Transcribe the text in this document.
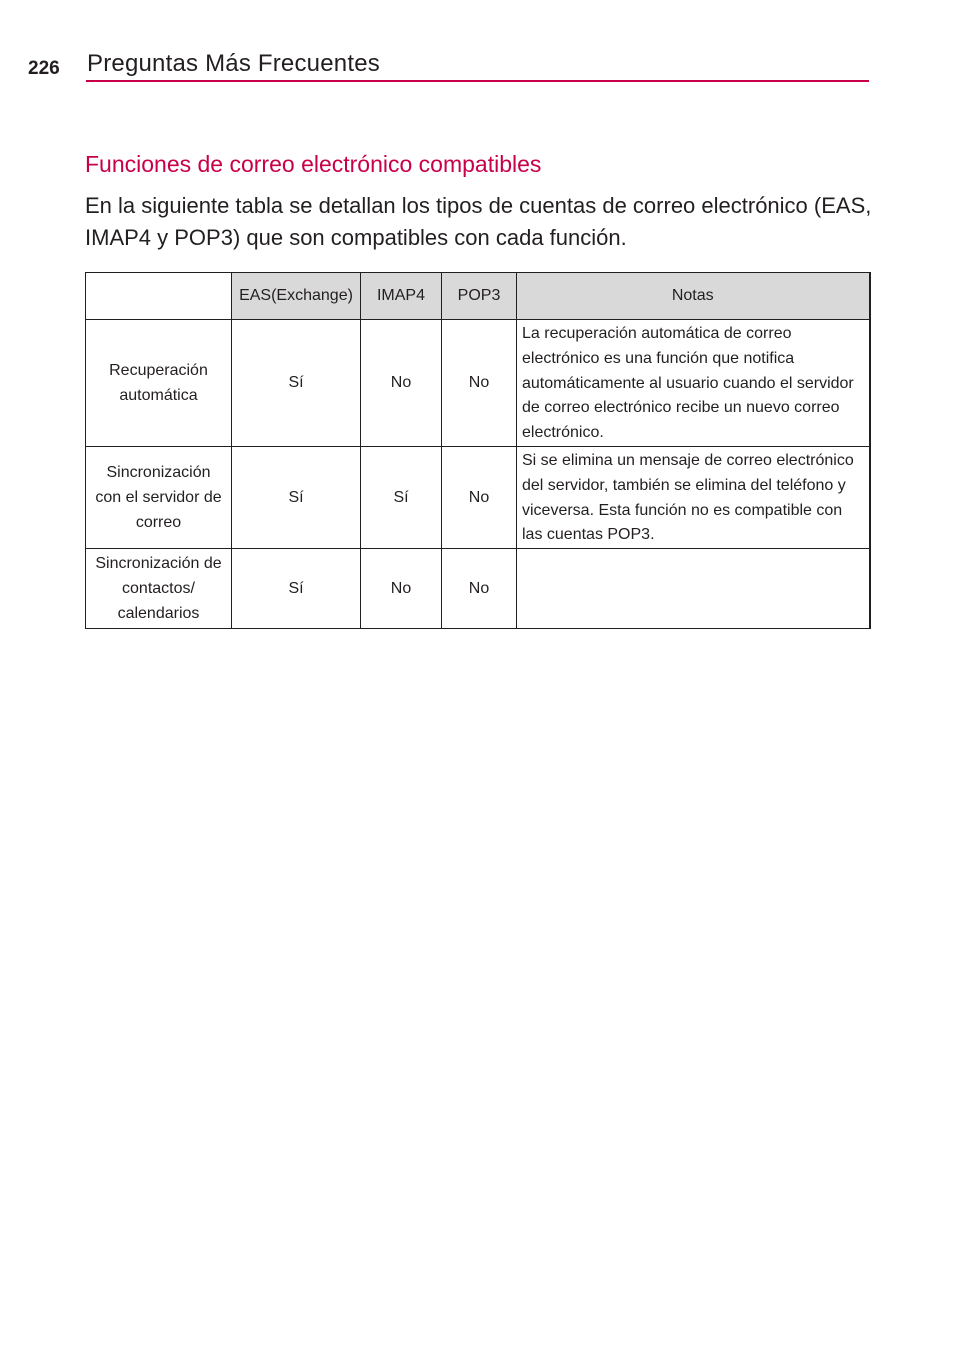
226 Preguntas Más Frecuentes
Funciones de correo electrónico compatibles

En la siguiente tabla se detallan los tipos de cuentas de correo electrónico (EAS, IMAP4 y POP3) que son compatibles con cada función.

	EAS(Exchange)	IMAP4	POP3	Notas
Recuperación automática	Sí	No	No	La recuperación automática de correo electrónico es una función que notifica automáticamente al usuario cuando el servidor de correo electrónico recibe un nuevo correo electrónico.
Sincronización con el servidor de correo	Sí	Sí	No	Si se elimina un mensaje de correo electrónico del servidor, también se elimina del teléfono y viceversa. Esta función no es compatible con las cuentas POP3.
Sincronización de contactos/ calendarios	Sí	No	No	
